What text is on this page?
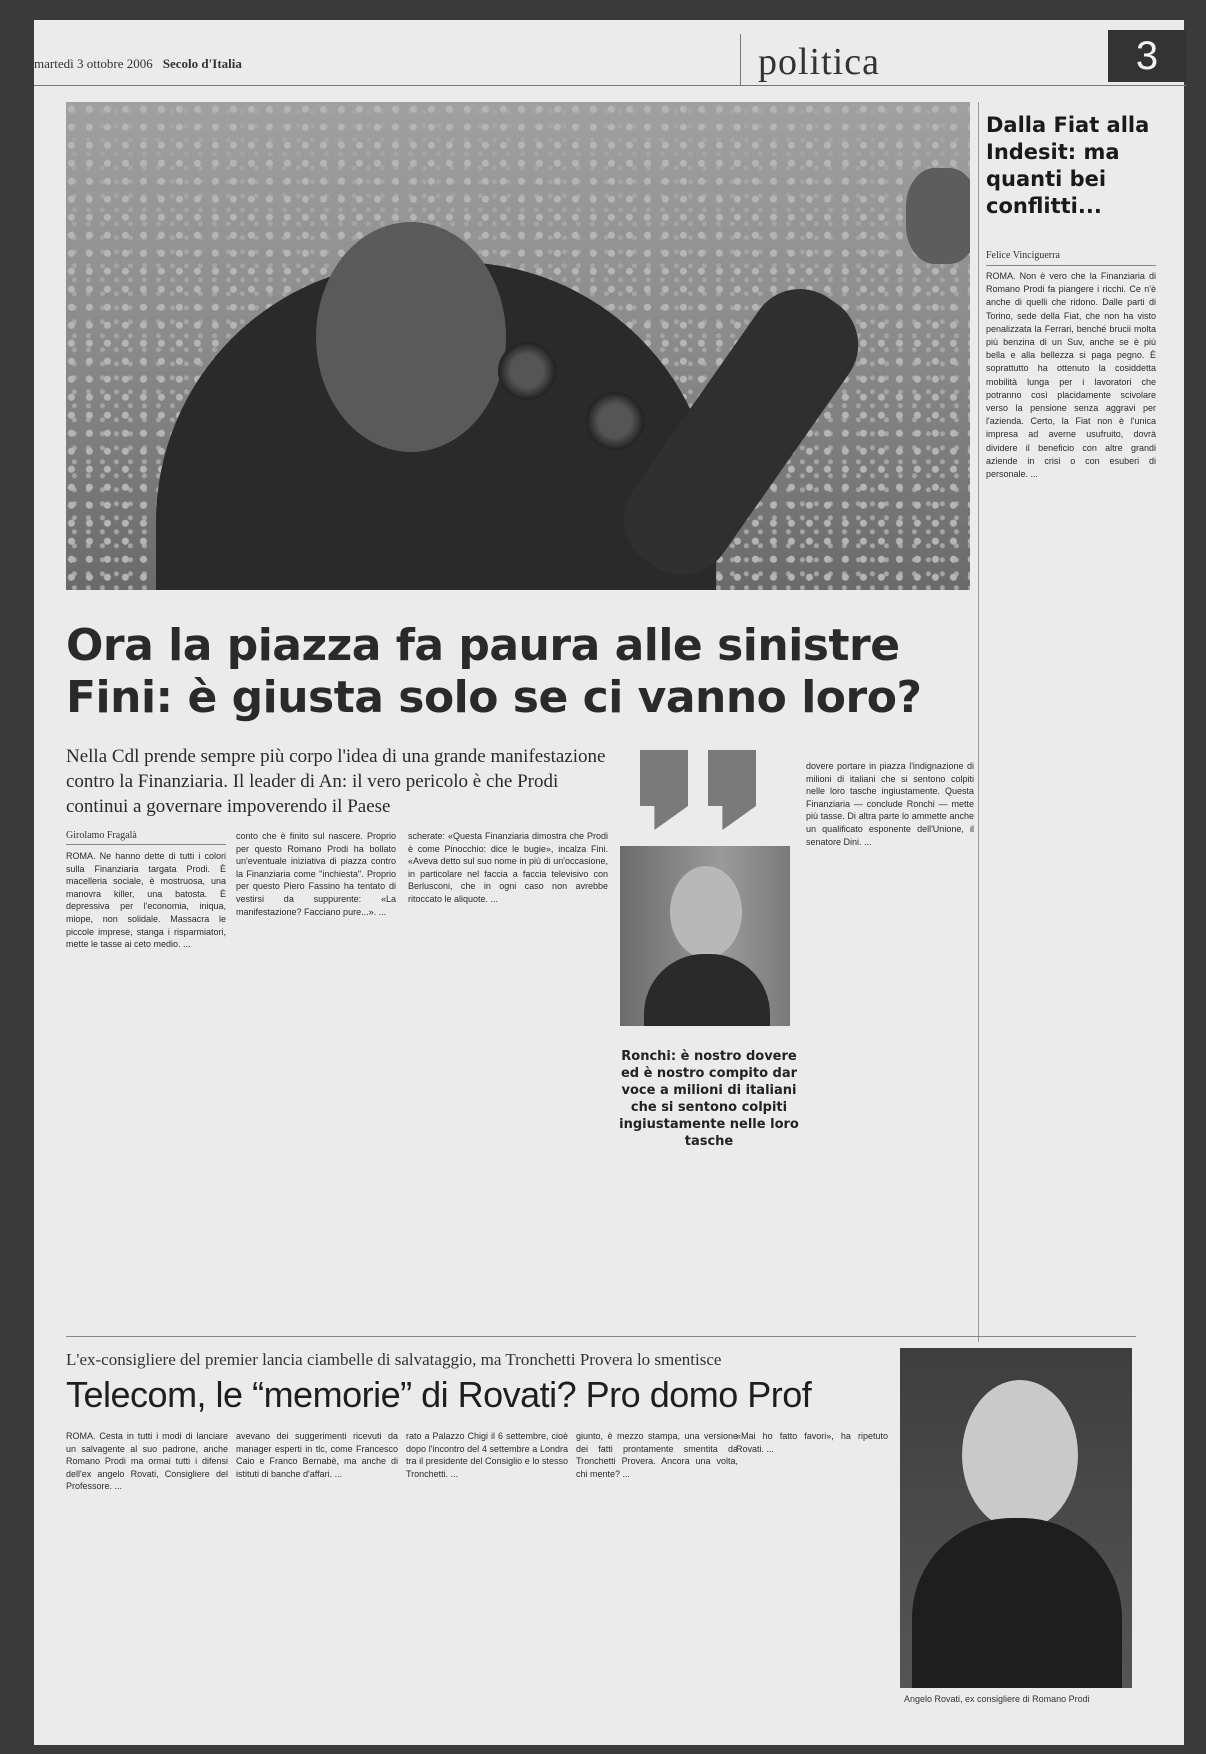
martedì 3 ottobre 2006 Secolo d'Italia	politica	3
Dalla Fiat alla Indesit: ma quanti bei conflitti...
Felice Vinciguerra
ROMA. Non è vero che la Finanziaria di Romano Prodi fa piangere i ricchi. Ce n'è anche di quelli che ridono. Dalle parti di Torino, sede della Fiat, che non ha visto penalizzata la Ferrari, benché brucii molta più benzina di un Suv, anche se è più bella e alla bellezza si paga pegno. È soprattutto ha ottenuto la cosiddetta mobilità lunga per i lavoratori che potranno così placidamente scivolare verso la pensione senza aggravi per l'azienda. Certo, la Fiat non è l'unica impresa ad averne usufruito, dovrà dividere il beneficio con altre grandi aziende in crisi o con esuberi di personale. ...
Ora la piazza fa paura alle sinistre Fini: è giusta solo se ci vanno loro?
Nella Cdl prende sempre più corpo l'idea di una grande manifestazione contro la Finanziaria. Il leader di An: il vero pericolo è che Prodi continui a governare impoverendo il Paese
Girolamo Fragalà
ROMA. Ne hanno dette di tutti i colori sulla Finanziaria targata Prodi. È macelleria sociale, è mostruosa, una manovra killer, una batosta. È depressiva per l'economia, iniqua, miope, non solidale. Massacra le piccole imprese, stanga i risparmiatori, mette le tasse ai ceto medio. ...
conto che è finito sul nascere. Proprio per questo Romano Prodi ha bollato un'eventuale iniziativa di piazza contro la Finanziaria come "inchiesta". Proprio per questo Piero Fassino ha tentato di vestirsi da suppurente: «La manifestazione? Facciano pure...». ...
scherate: «Questa Finanziaria dimostra che Prodi è come Pinocchio: dice le bugie», incalza Fini. «Aveva detto sul suo nome in più di un'occasione, in particolare nel faccia a faccia televisivo con Berlusconi, che in ogni caso non avrebbe ritoccato le aliquote. ...
dovere portare in piazza l'indignazione di milioni di italiani che si sentono colpiti nelle loro tasche ingiustamente. Questa Finanziaria — conclude Ronchi — mette più tasse. Di altra parte lo ammette anche un qualificato esponente dell'Unione, il senatore Dini. ...
Ronchi: è nostro dovere ed è nostro compito dar voce a milioni di italiani che si sentono colpiti ingiustamente nelle loro tasche
L'ex-consigliere del premier lancia ciambelle di salvataggio, ma Tronchetti Provera lo smentisce
Telecom, le “memorie” di Rovati? Pro domo Prof
ROMA. Cesta in tutti i modi di lanciare un salvagente al suo padrone, anche Romano Prodi ma ormai tutti i difensi dell'ex angelo Rovati, Consigliere del Professore. ...
avevano dei suggerimenti ricevuti da manager esperti in tlc, come Francesco Caio e Franco Bernabè, ma anche di istituti di banche d'affari. ...
rato a Palazzo Chigi il 6 settembre, cioè dopo l'incontro del 4 settembre a Londra tra il presidente del Consiglio e lo stesso Tronchetti. ...
giunto, è mezzo stampa, una versione dei fatti prontamente smentita da Tronchetti Provera. Ancora una volta, chi mente? ...
«Mai ho fatto favori», ha ripetuto Rovati. ...
Angelo Rovati, ex consigliere di Romano Prodi
